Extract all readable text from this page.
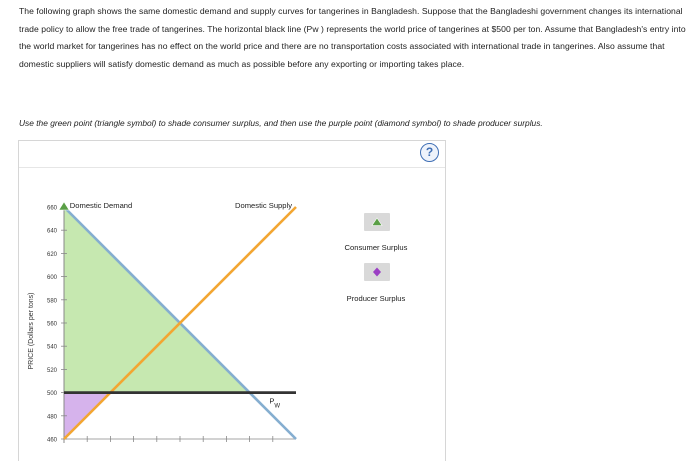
The following graph shows the same domestic demand and supply curves for tangerines in Bangladesh. Suppose that the Bangladeshi government changes its international trade policy to allow the free trade of tangerines. The horizontal black line (Pw ) represents the world price of tangerines at $500 per ton. Assume that Bangladesh's entry into the world market for tangerines has no effect on the world price and there are no transportation costs associated with international trade in tangerines. Also assume that domestic suppliers will satisfy domestic demand as much as possible before any exporting or importing takes place.
Use the green point (triangle symbol) to shade consumer surplus, and then use the purple point (diamond symbol) to shade producer surplus.
?
660
640
620
600
580
560
540
520
500
480
460
PRICE (Dollars per tons)
Domestic Demand	Domestic Supply
$P_W$
Consumer Surplus
Producer Surplus
